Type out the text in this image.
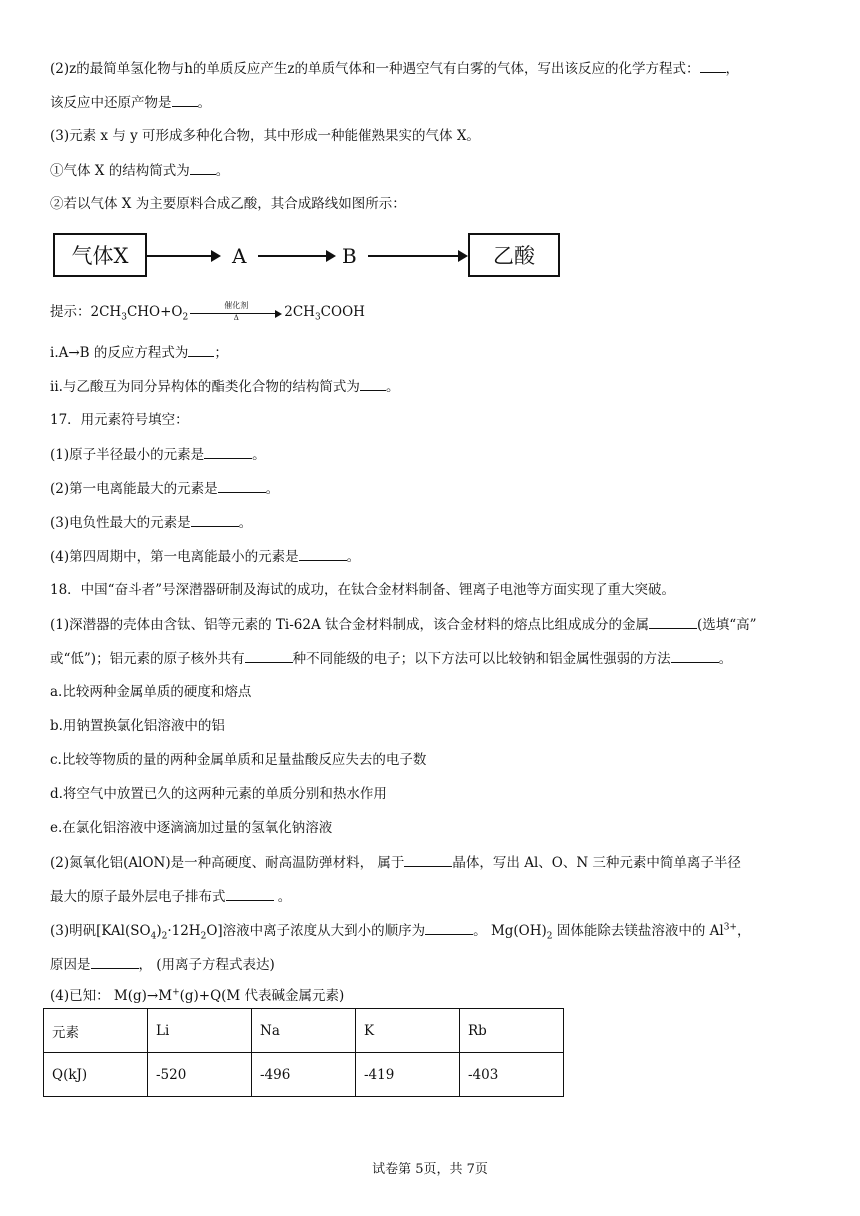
(2)z的最简单氢化物与h的单质反应产生z的单质气体和一种遇空气有白雾的气体，写出该反应的化学方程式： ，
该反应中还原产物是 。
(3)元素 x 与 y 可形成多种化合物，其中形成一种能催熟果实的气体 X。
①气体 X 的结构简式为 。
②若以气体 X 为主要原料合成乙酸，其合成路线如图所示：
气体X	A	B	乙酸
提示：$2CH_3CHO+O_2$
催化剂
Δ	$2CH_3COOH$
i.A→B 的反应方程式为 ；
ii.与乙酸互为同分异构体的酯类化合物的结构简式为 。
17．用元素符号填空：
(1)原子半径最小的元素是	。
(2)第一电离能最大的元素是	。
(3)电负性最大的元素是	。
(4)第四周期中，第一电离能最小的元素是	。
18．中国“奋斗者”号深潜器研制及海试的成功，在钛合金材料制备、锂离子电池等方面实现了重大突破。
(1)深潜器的壳体由含钛、铝等元素的 Ti-62A 钛合金材料制成，该合金材料的熔点比组成成分的金属	(选填“高”
或“低”)；铝元素的原子核外共有	种不同能级的电子；以下方法可以比较钠和铝金属性强弱的方法	。
a.比较两种金属单质的硬度和熔点
b.用钠置换氯化铝溶液中的铝
c.比较等物质的量的两种金属单质和足量盐酸反应失去的电子数
d.将空气中放置已久的这两种元素的单质分别和热水作用
e.在氯化铝溶液中逐滴滴加过量的氢氧化钠溶液
(2)氮氧化铝(AlON)是一种高硬度、耐高温防弹材料， 属于	晶体，写出 Al、O、N 三种元素中简单离子半径
最大的原子最外层电子排布式	。
(3)明矾$[KAl(SO_4)_2\cdot 12H_2O]$溶液中离子浓度从大到小的顺序为	。 $Mg(OH)_2$ 固体能除去镁盐溶液中的 $Al^{3+}$，
原因是	， (用离子方程式表达)
(4)已知： M(g)→M+(g)+Q(M 代表碱金属元素)
元素	Li	Na	K	Rb
Q(kJ)	-520	-496	-419	-403
试卷第 5页，共 7页
